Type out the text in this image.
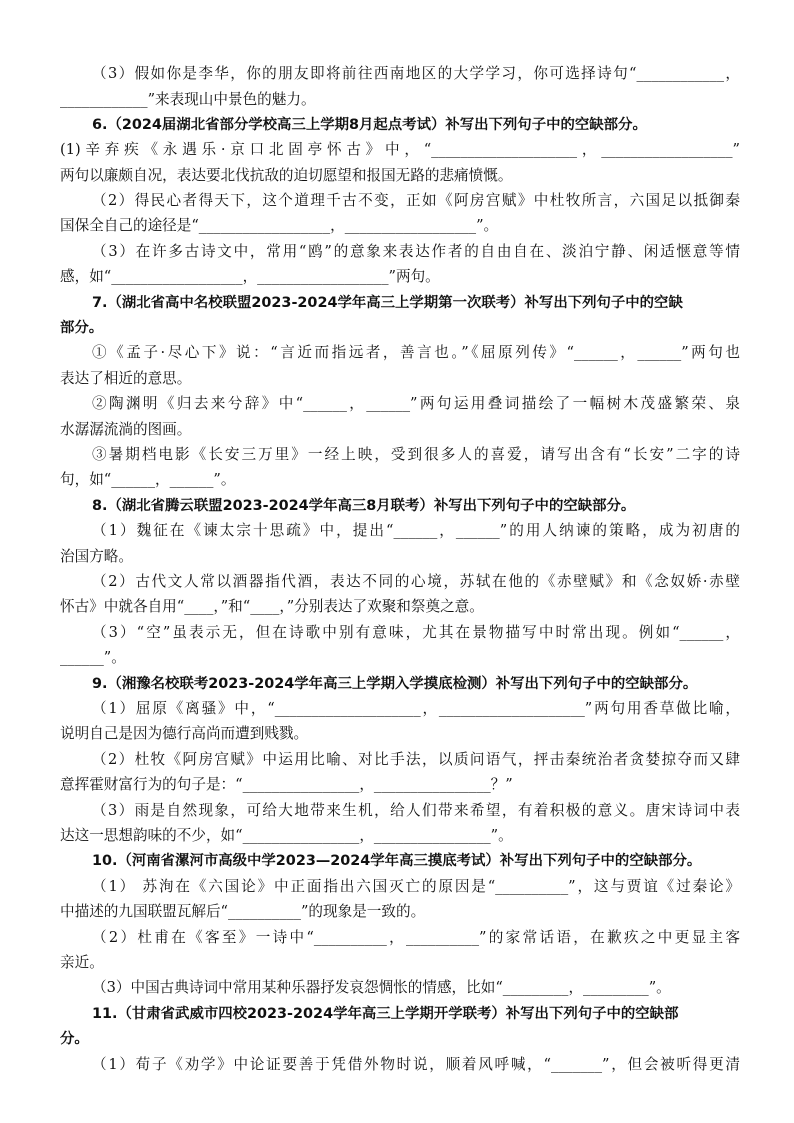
（3）假如你是李华，你的朋友即将前往西南地区的大学学习，你可选择诗句“____________，
____________”来表现山中景色的魅力。
6.（2024届湖北省部分学校高三上学期8月起点考试）补写出下列句子中的空缺部分。
(1)辛弃疾《永遇乐·京口北固亭怀古》中，“____________________，__________________”
两句以廉颇自况，表达要北伐抗敌的迫切愿望和报国无路的悲痛愤慨。
（2）得民心者得天下，这个道理千古不变，正如《阿房宫赋》中杜牧所言，六国足以抵御秦
国保全自己的途径是“__________________，__________________”。
（3）在许多古诗文中，常用“鸥”的意象来表达作者的自由自在、淡泊宁静、闲适惬意等情
感，如“__________________，__________________”两句。
7.（湖北省高中名校联盟2023-2024学年高三上学期第一次联考）补写出下列句子中的空缺
部分。
①《孟子·尽心下》说：“言近而指远者，善言也。”《屈原列传》“______，______”两句也
表达了相近的意思。
②陶渊明《归去来兮辞》中“______，______”两句运用叠词描绘了一幅树木茂盛繁荣、泉
水潺潺流淌的图画。
③暑期档电影《长安三万里》一经上映，受到很多人的喜爱，请写出含有“长安”二字的诗
句，如“______，______”。
8.（湖北省腾云联盟2023-2024学年高三8月联考）补写出下列句子中的空缺部分。
（1）魏征在《谏太宗十思疏》中，提出“______，______”的用人纳谏的策略，成为初唐的
治国方略。
（2）古代文人常以酒器指代酒，表达不同的心境，苏轼在他的《赤壁赋》和《念奴娇·赤壁
怀古》中就各自用“____，”和“____，”分别表达了欢聚和祭奠之意。
（3）“空”虽表示无，但在诗歌中别有意味，尤其在景物描写中时常出现。例如“______，
______”。
9.（湘豫名校联考2023-2024学年高三上学期入学摸底检测）补写出下列句子中的空缺部分。
（1）屈原《离骚》中，“____________________，____________________”两句用香草做比喻，
说明自己是因为德行高尚而遭到贱戮。
（2）杜牧《阿房宫赋》中运用比喻、对比手法，以质问语气，抨击秦统治者贪婪掠夺而又肆
意挥霍财富行为的句子是：“________________，________________？”
（3）雨是自然现象，可给大地带来生机，给人们带来希望，有着积极的意义。唐宋诗词中表
达这一思想韵味的不少，如“________________，________________”。
10.（河南省漯河市高级中学2023—2024学年高三摸底考试）补写出下列句子中的空缺部分。
（1） 苏洵在《六国论》中正面指出六国灭亡的原因是“__________”，这与贾谊《过秦论》
中描述的九国联盟瓦解后“__________”的现象是一致的。
（2）杜甫在《客至》一诗中“__________，__________”的家常话语，在歉疚之中更显主客
亲近。
（3）中国古典诗词中常用某种乐器抒发哀怨惆怅的情感，比如“_________，_________”。
11.（甘肃省武威市四校2023-2024学年高三上学期开学联考）补写出下列句子中的空缺部
分。
（1）荀子《劝学》中论证要善于凭借外物时说，顺着风呼喊，“_______”，但会被听得更清
